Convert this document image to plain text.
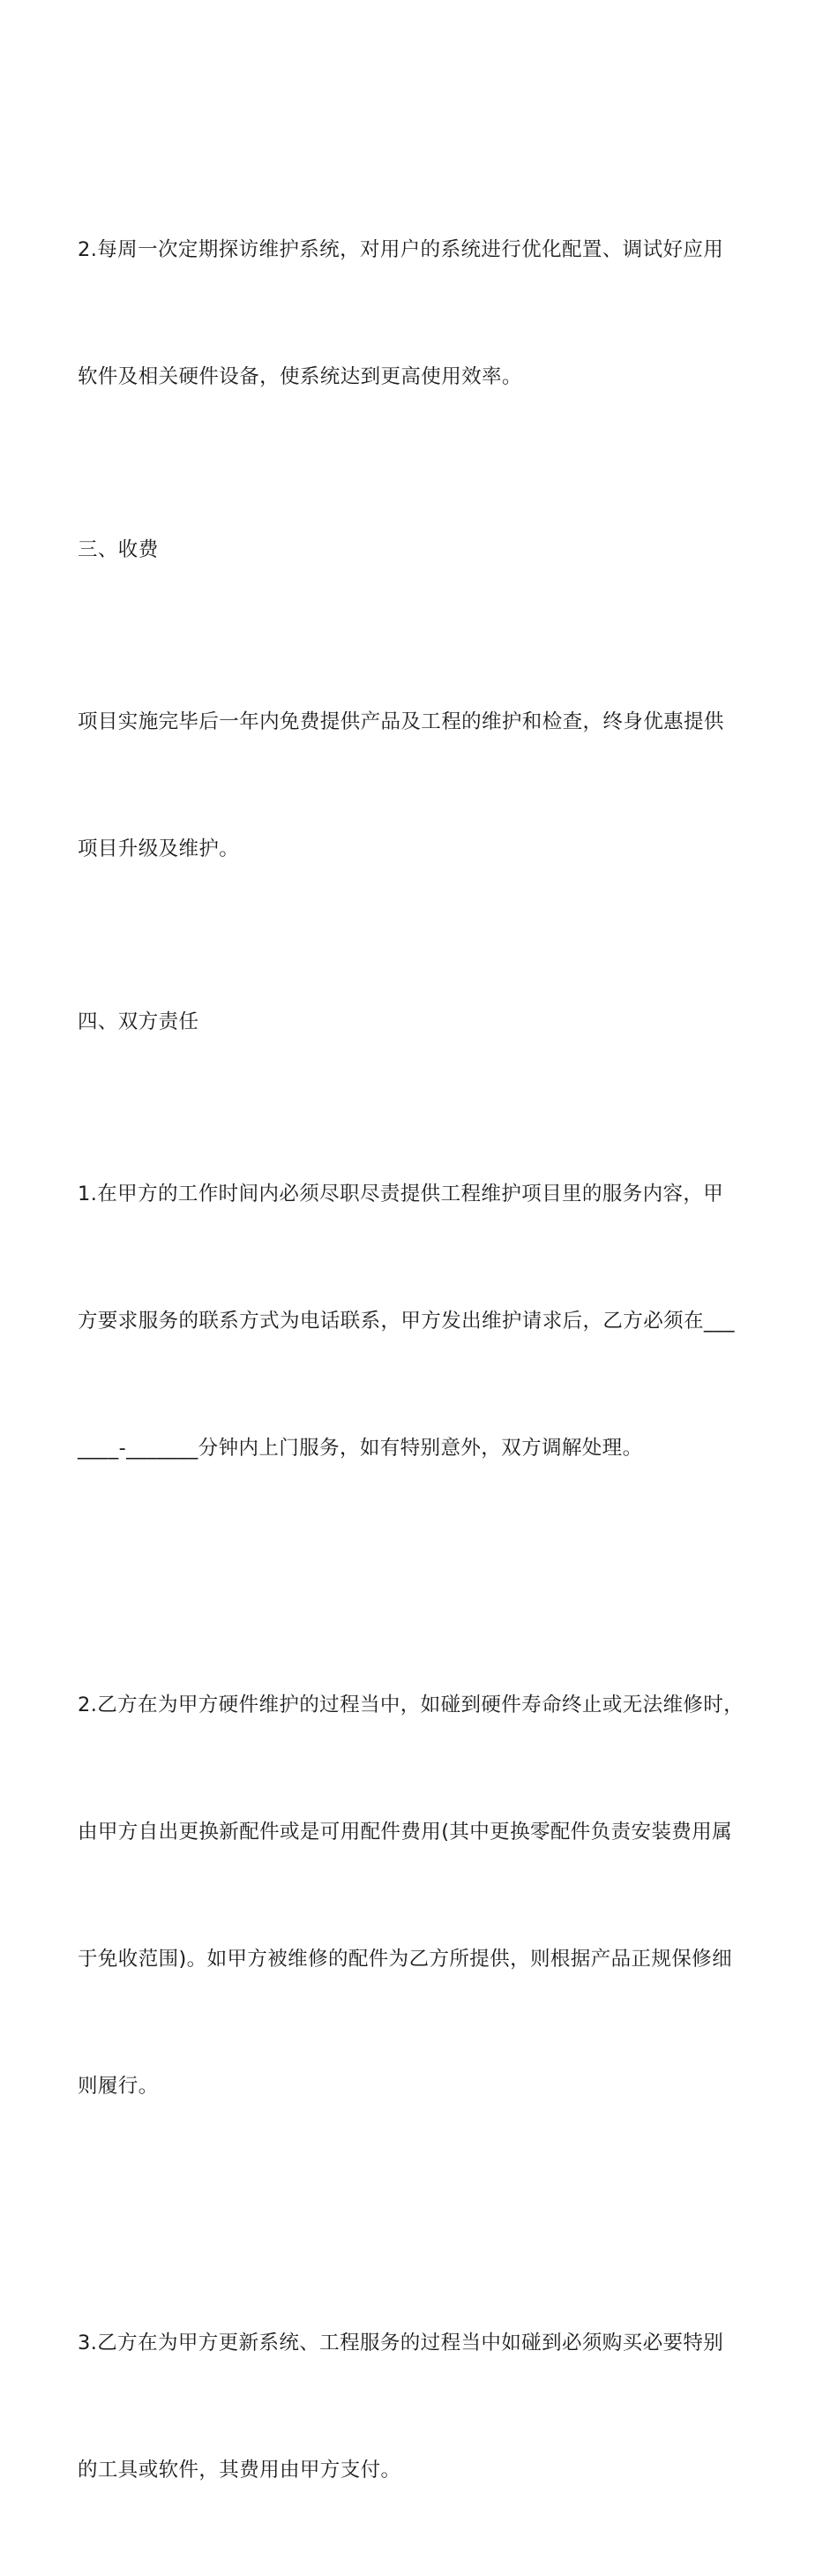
2.每周一次定期探访维护系统，对用户的系统进行优化配置、调试好应用

软件及相关硬件设备，使系统达到更高使用效率。

三、收费

项目实施完毕后一年内免费提供产品及工程的维护和检查，终身优惠提供

项目升级及维护。

四、双方责任

1.在甲方的工作时间内必须尽职尽责提供工程维护项目里的服务内容，甲

方要求服务的联系方式为电话联系，甲方发出维护请求后，乙方必须在___

____-_______分钟内上门服务，如有特别意外，双方调解处理。

2.乙方在为甲方硬件维护的过程当中，如碰到硬件寿命终止或无法维修时，

由甲方自出更换新配件或是可用配件费用(其中更换零配件负责安装费用属

于免收范围)。如甲方被维修的配件为乙方所提供，则根据产品正规保修细

则履行。

3.乙方在为甲方更新系统、工程服务的过程当中如碰到必须购买必要特别

的工具或软件，其费用由甲方支付。
